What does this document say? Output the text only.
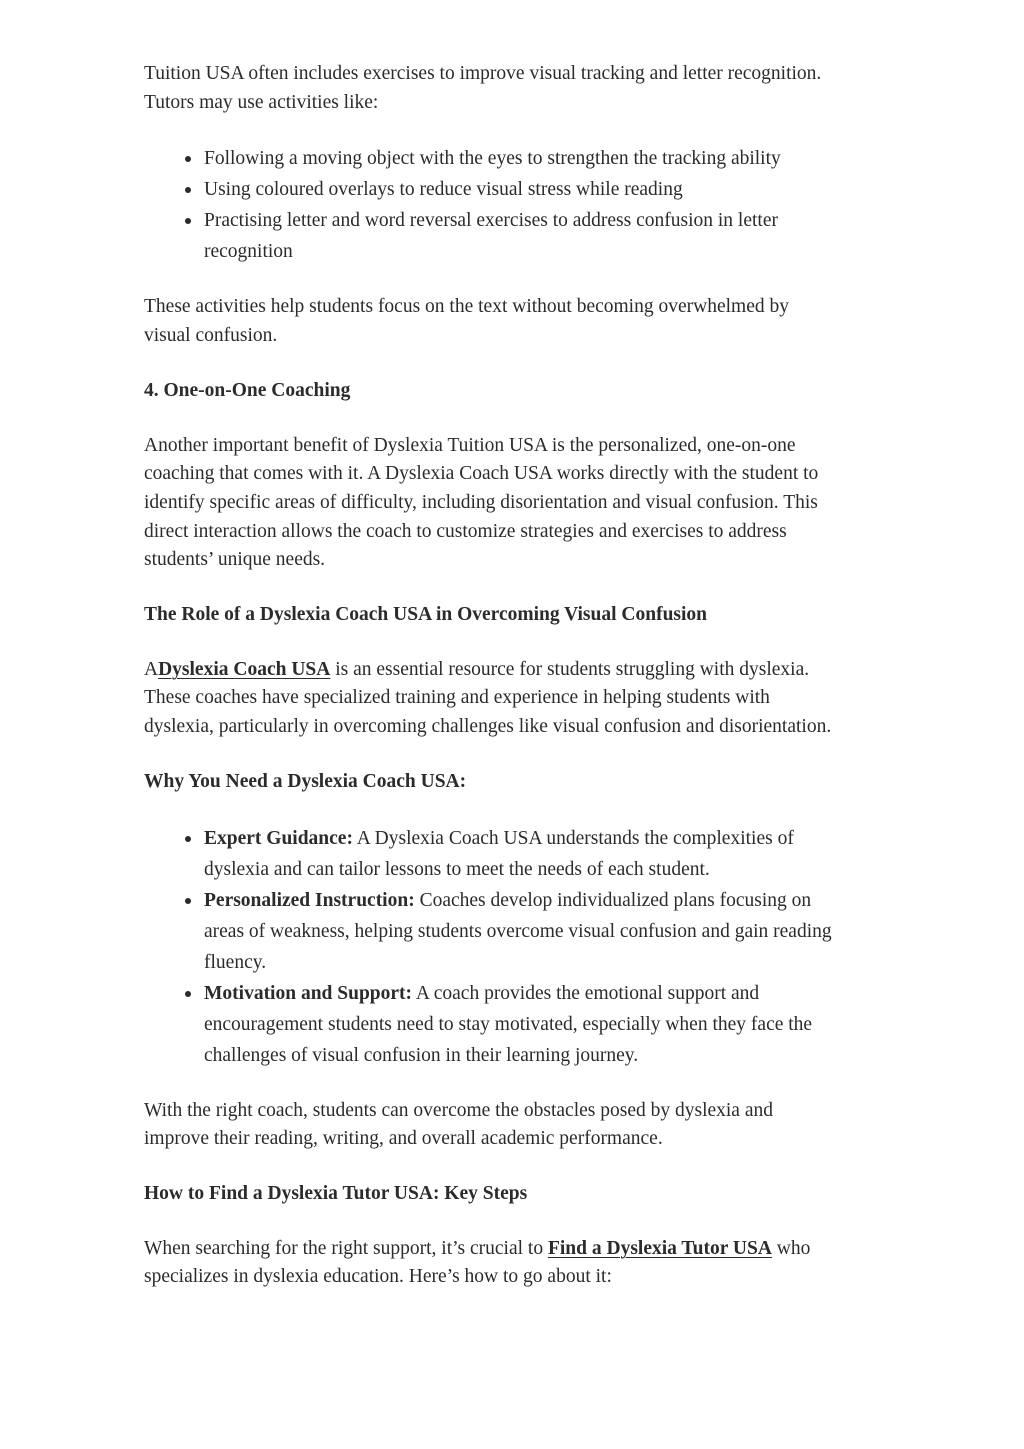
Tuition USA often includes exercises to improve visual tracking and letter recognition. Tutors may use activities like:

Following a moving object with the eyes to strengthen the tracking ability
Using coloured overlays to reduce visual stress while reading
Practising letter and word reversal exercises to address confusion in letter recognition

These activities help students focus on the text without becoming overwhelmed by visual confusion.

4. One-on-One Coaching

Another important benefit of Dyslexia Tuition USA is the personalized, one-on-one coaching that comes with it. A Dyslexia Coach USA works directly with the student to identify specific areas of difficulty, including disorientation and visual confusion. This direct interaction allows the coach to customize strategies and exercises to address students’ unique needs.

The Role of a Dyslexia Coach USA in Overcoming Visual Confusion

ADyslexia Coach USA is an essential resource for students struggling with dyslexia. These coaches have specialized training and experience in helping students with dyslexia, particularly in overcoming challenges like visual confusion and disorientation.

Why You Need a Dyslexia Coach USA:
Expert Guidance: A Dyslexia Coach USA understands the complexities of dyslexia and can tailor lessons to meet the needs of each student.
Personalized Instruction: Coaches develop individualized plans focusing on areas of weakness, helping students overcome visual confusion and gain reading fluency.
Motivation and Support: A coach provides the emotional support and encouragement students need to stay motivated, especially when they face the challenges of visual confusion in their learning journey.

With the right coach, students can overcome the obstacles posed by dyslexia and improve their reading, writing, and overall academic performance.

How to Find a Dyslexia Tutor USA: Key Steps

When searching for the right support, it’s crucial to Find a Dyslexia Tutor USA who specializes in dyslexia education. Here’s how to go about it:
